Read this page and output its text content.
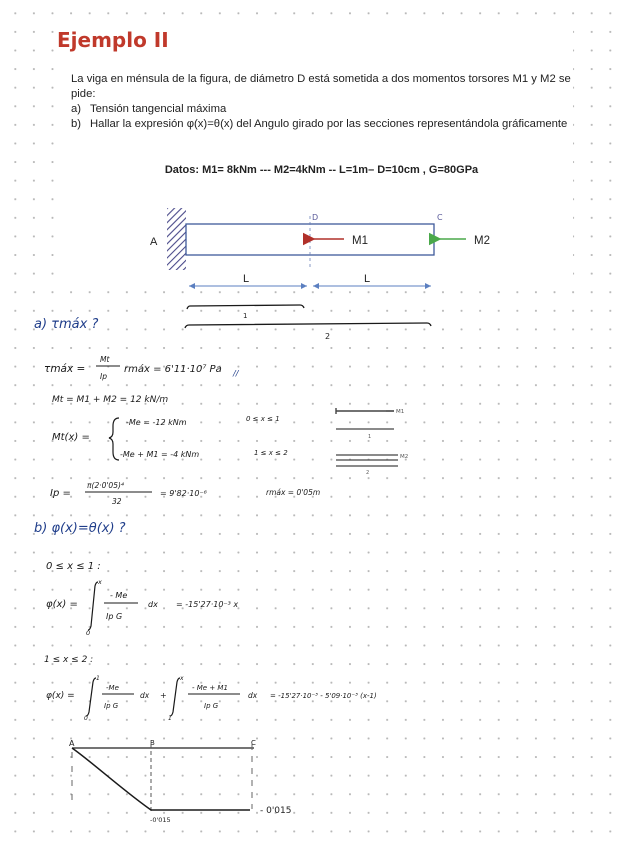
Ejemplo II

La viga en ménsula de la figura, de diámetro D está sometida a dos momentos torsores M1 y M2 se pide:

a) Tensión tangencial máxima
b) Hallar la expresión φ(x)=θ(x) del Angulo girado por las secciones representándola gráficamente
Datos: M1= 8kNm --- M2=4kNm -- L=1m– D=10cm , G=80GPa
A
D	C
M1	M2
L	L
1
2
a) τmáx ?
τmáx =
Mt
Ip
rmáx = 6'11·10⁷ Pa //
Mt = M1 + M2 = 12 kN/m
Mt(x) =
-Me = -12 kNm	0 ≤ x ≤ 1
-Me + M1 = -4 kNm	1 ≤ x ≤ 2
M1
1
M2
2
Ip =
π(2·0'05)⁴
32
= 9'82·10⁻⁶	rmáx = 0'05m
b) φ(x)=θ(x) ?
0 ≤ x ≤ 1 :
φ(x) =
x
0
- Me
Ip G
dx = -15'27·10⁻³ x
1 ≤ x ≤ 2 :
φ(x) =
1
0
-Me
Ip G
dx +
x
1
- Me + M1
Ip G
dx = -15'27·10⁻³ - 5'09·10⁻³ (x-1)
A	B	C
-0'015
- 0'015
